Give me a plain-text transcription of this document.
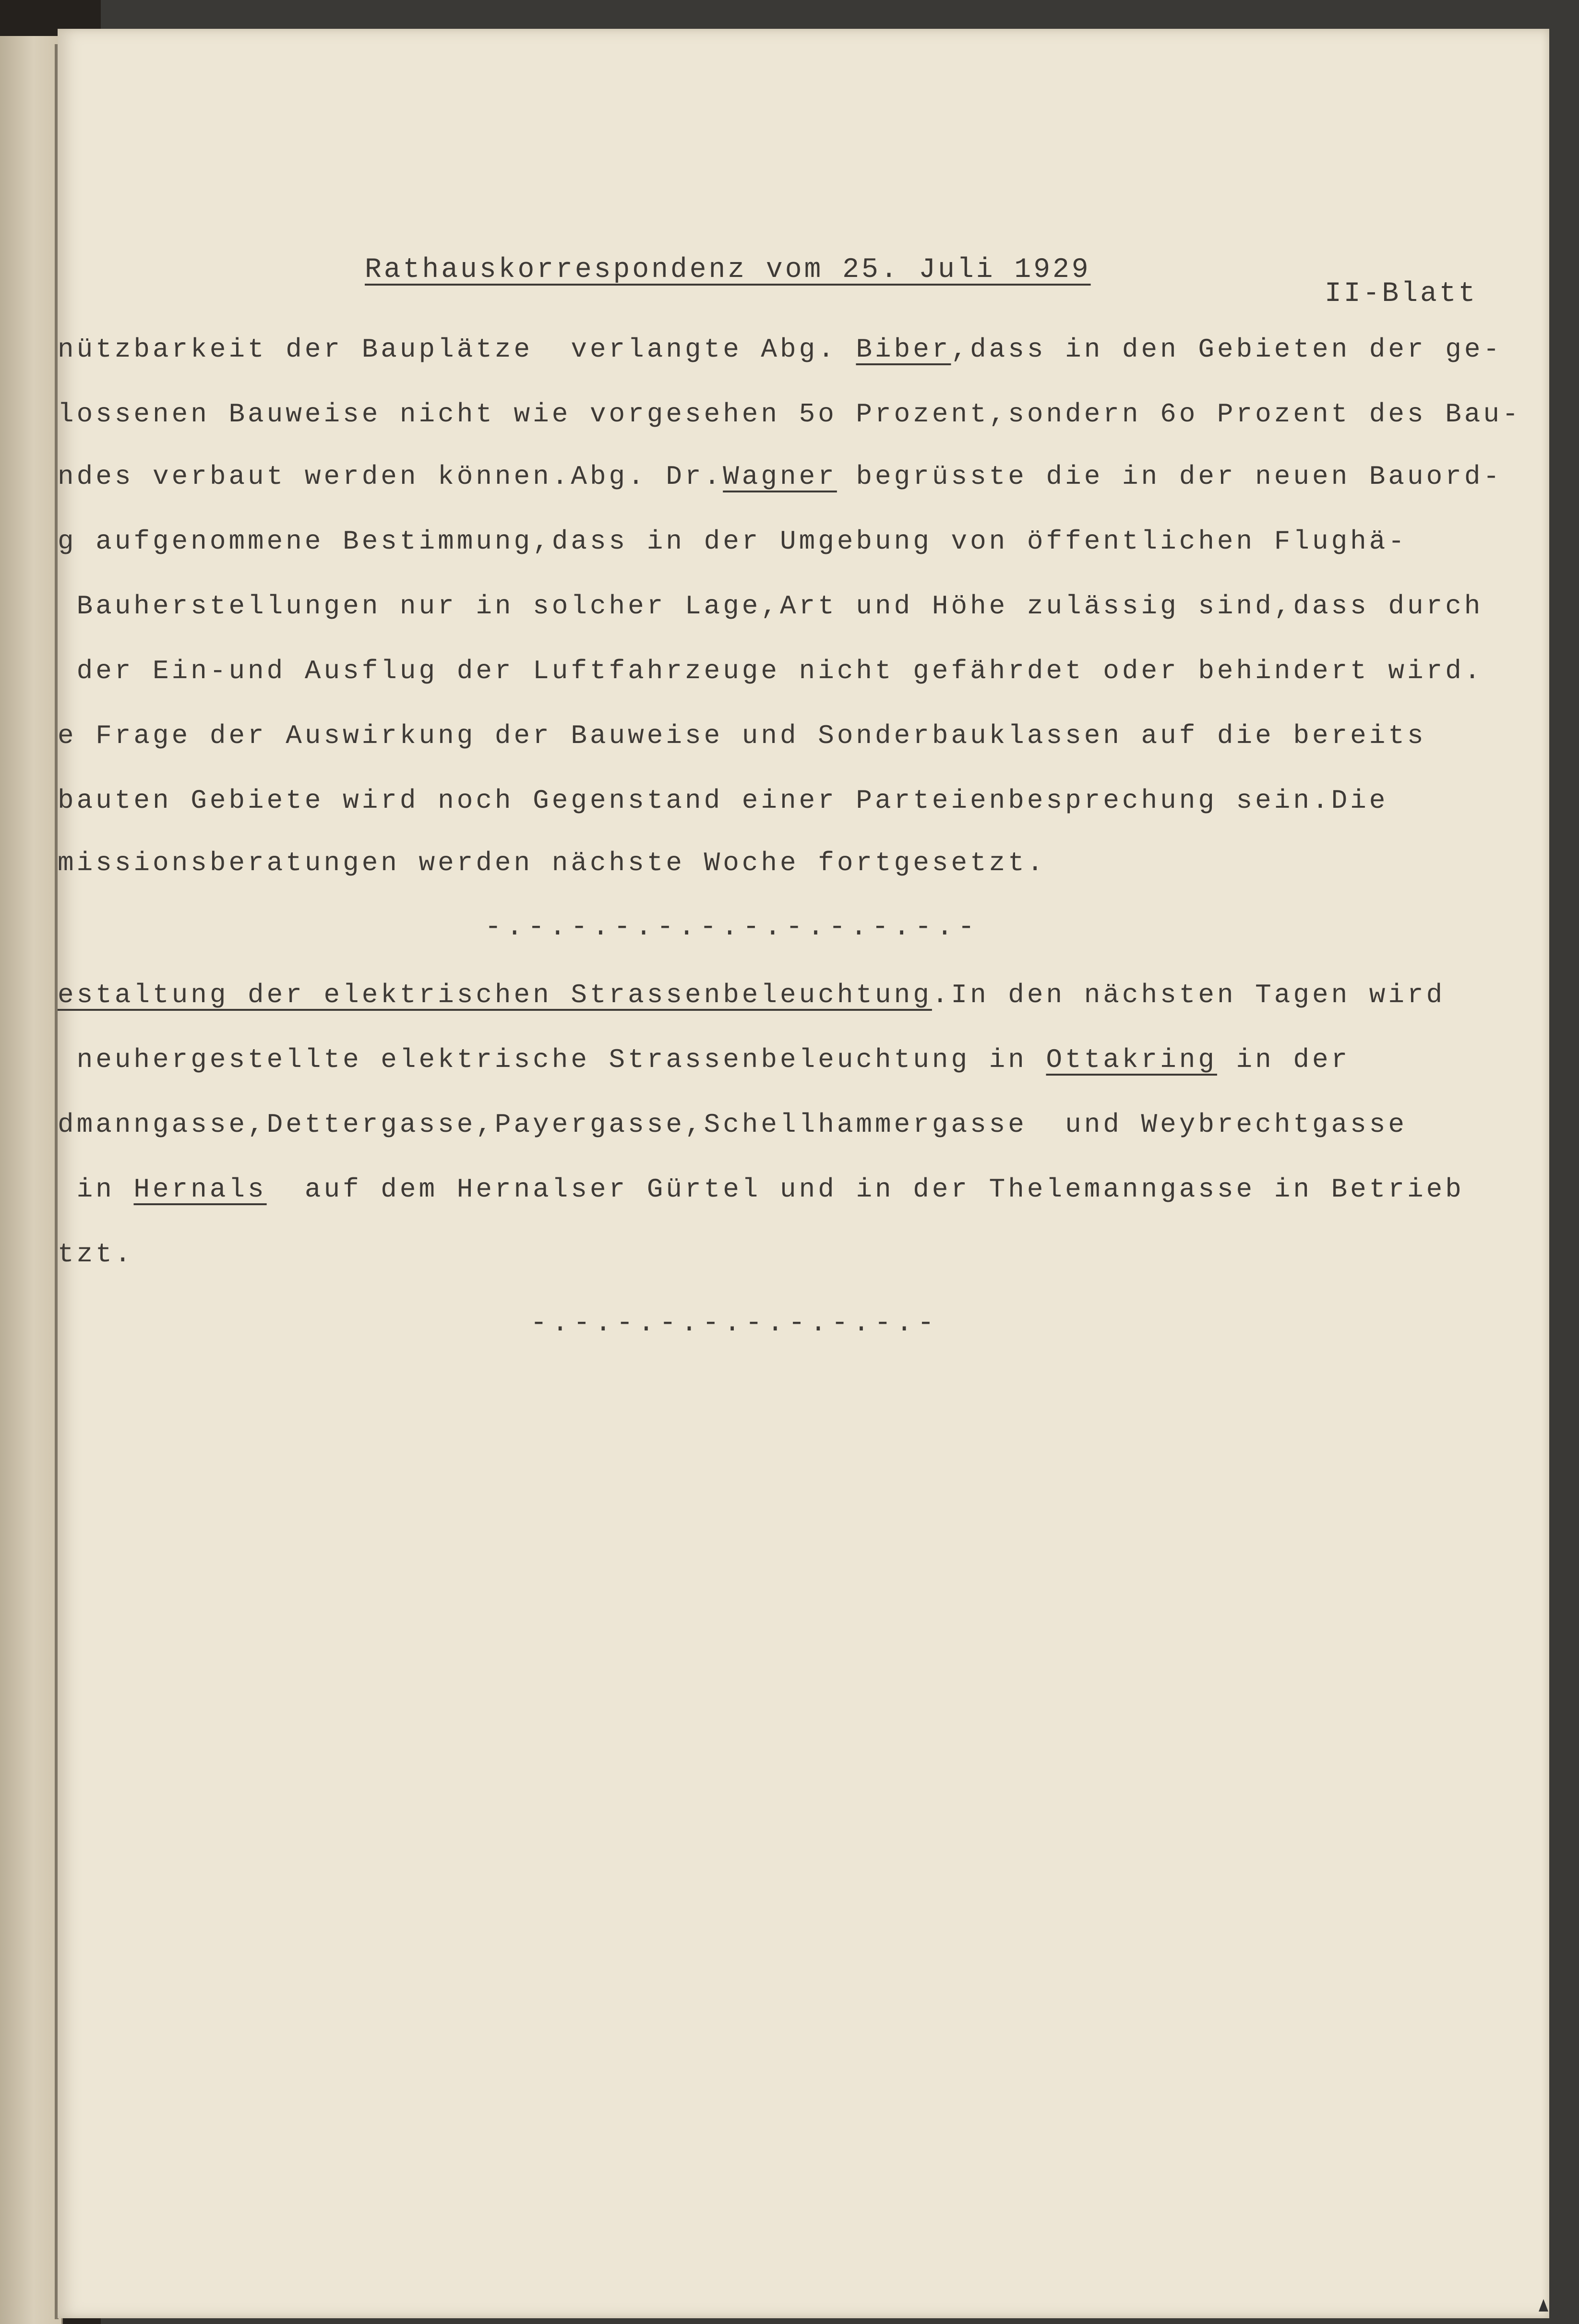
Rathauskorrespondenz vom 25. Juli 1929
II-Blatt
nützbarkeit der Bauplätze  verlangte Abg. Biber,dass in den Gebieten der ge-
lossenen Bauweise nicht wie vorgesehen 5o Prozent,sondern 6o Prozent des Bau-
ndes verbaut werden können.Abg. Dr.Wagner begrüsste die in der neuen Bauord-
g aufgenommene Bestimmung,dass in der Umgebung von öffentlichen Flughä-
Bauherstellungen nur in solcher Lage,Art und Höhe zulässig sind,dass durch
der Ein-und Ausflug der Luftfahrzeuge nicht gefährdet oder behindert wird.
e Frage der Auswirkung der Bauweise und Sonderbauklassen auf die bereits
bauten Gebiete wird noch Gegenstand einer Parteienbesprechung sein.Die
missionsberatungen werden nächste Woche fortgesetzt.
-.-.-.-.-.-.-.-.-.-.-.-
estaltung der elektrischen Strassenbeleuchtung.In den nächsten Tagen wird
neuhergestellte elektrische Strassenbeleuchtung in Ottakring in der
dmanngasse,Dettergasse,Payergasse,Schellhammergasse  und Weybrechtgasse
in Hernals  auf dem Hernalser Gürtel und in der Thelemanngasse in Betrieb
tzt.
-.-.-.-.-.-.-.-.-.-
